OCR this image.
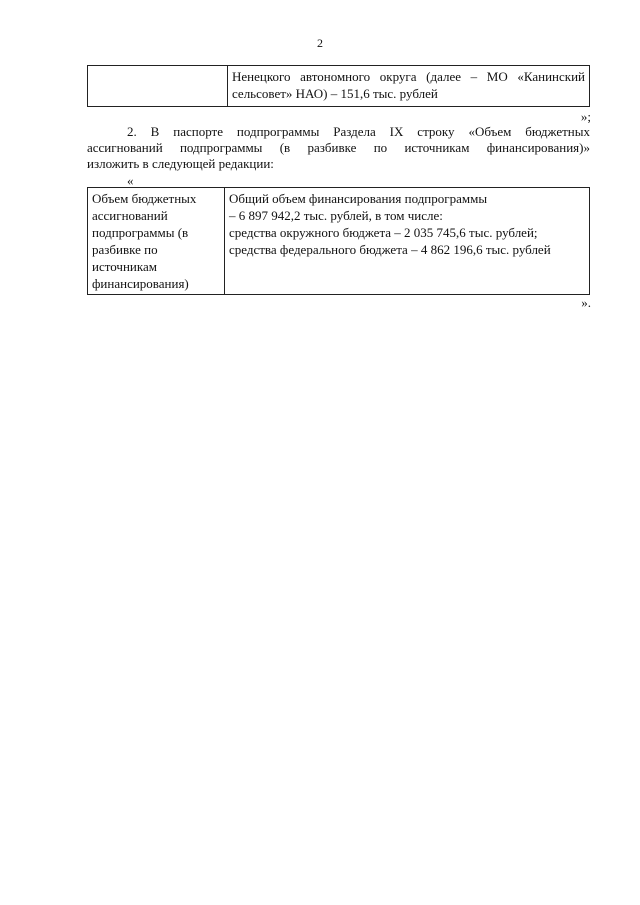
2

Ненецкого автономного округа (далее – МО «Канинский
сельсовет» НАО) – 151,6 тыс. рублей
»;
2. В паспорте подпрограммы Раздела IX строку «Объем бюджетных
ассигнований подпрограммы (в разбивке по источникам финансирования)»
изложить в следующей редакции:
«
Объем бюджетных
ассигнований
подпрограммы (в
разбивке по
источникам
финансирования)

Общий объем финансирования подпрограммы
– 6 897 942,2 тыс. рублей, в том числе:
средства окружного бюджета – 2 035 745,6 тыс. рублей;
средства федерального бюджета – 4 862 196,6 тыс. рублей
».
